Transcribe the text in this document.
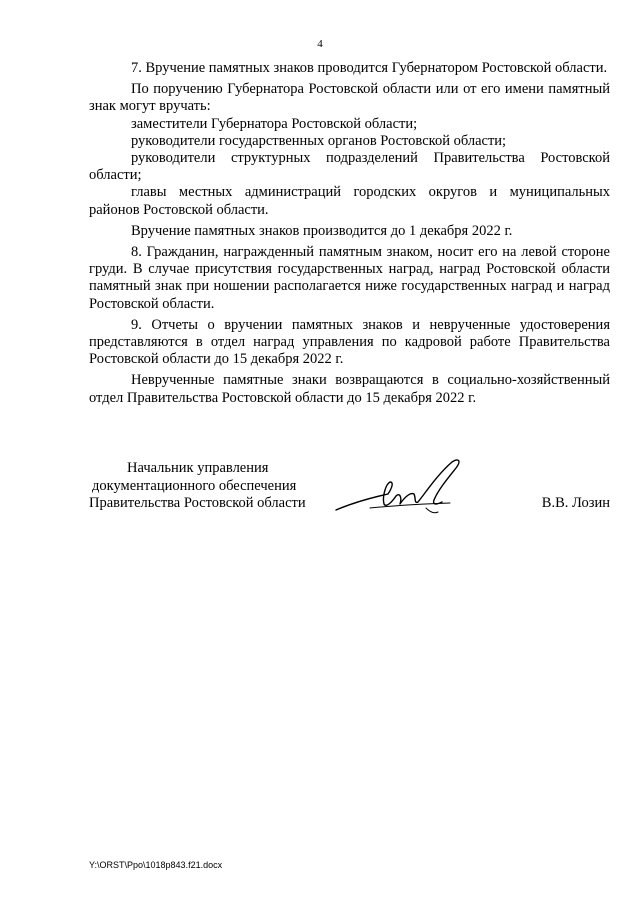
4

7. Вручение памятных знаков проводится Губернатором Ростовской области.

По поручению Губернатора Ростовской области или от его имени памятный знак могут вручать:

заместители Губернатора Ростовской области;

руководители государственных органов Ростовской области;

руководители структурных подразделений Правительства Ростовской области;

главы местных администраций городских округов и муниципальных районов Ростовской области.

Вручение памятных знаков производится до 1 декабря 2022 г.

8. Гражданин, награжденный памятным знаком, носит его на левой стороне груди. В случае присутствия государственных наград, наград Ростовской области памятный знак при ношении располагается ниже государственных наград и наград Ростовской области.

9. Отчеты о вручении памятных знаков и неврученные удостоверения представляются в отдел наград управления по кадровой работе Правительства Ростовской области до 15 декабря 2022 г.

Неврученные памятные знаки возвращаются в социально-хозяйственный отдел Правительства Ростовской области до 15 декабря 2022 г.

Начальник управления
документационного обеспечения
Правительства Ростовской области	В.В. Лозин
Y:\ORST\Ppo\1018p843.f21.docx
